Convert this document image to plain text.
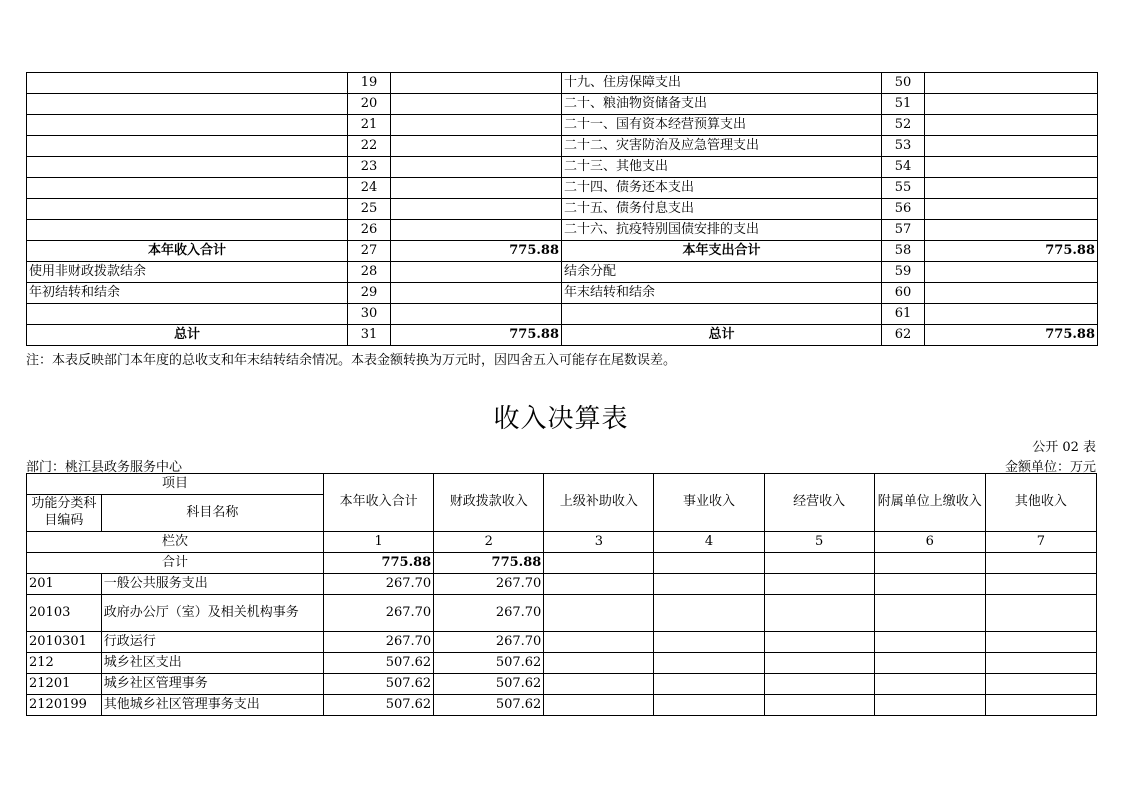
	19		十九、住房保障支出	50	
	20		二十、粮油物资储备支出	51	
	21		二十一、国有资本经营预算支出	52	
	22		二十二、灾害防治及应急管理支出	53	
	23		二十三、其他支出	54	
	24		二十四、债务还本支出	55	
	25		二十五、债务付息支出	56	
	26		二十六、抗疫特别国债安排的支出	57	
本年收入合计	27	775.88	本年支出合计	58	775.88
使用非财政拨款结余	28		结余分配	59	
年初结转和结余	29		年末结转和结余	60	
	30			61	
总计	31	775.88	总计	62	775.88
注：本表反映部门本年度的总收支和年末结转结余情况。本表金额转换为万元时，因四舍五入可能存在尾数误差。
收入决算表
公开 02 表
部门：桃江县政务服务中心	金额单位：万元
项目		本年收入合计	财政拨款收入	上级补助收入	事业收入	经营收入	附属单位上缴收入	其他收入
功能分类科目编码	科目名称							
栏次		1	2	3	4	5	6	7
合计		775.88	775.88					
201	一般公共服务支出	267.70	267.70					
20103	政府办公厅（室）及相关机构事务	267.70	267.70					
2010301	行政运行	267.70	267.70					
212	城乡社区支出	507.62	507.62					
21201	城乡社区管理事务	507.62	507.62					
2120199	其他城乡社区管理事务支出	507.62	507.62					
